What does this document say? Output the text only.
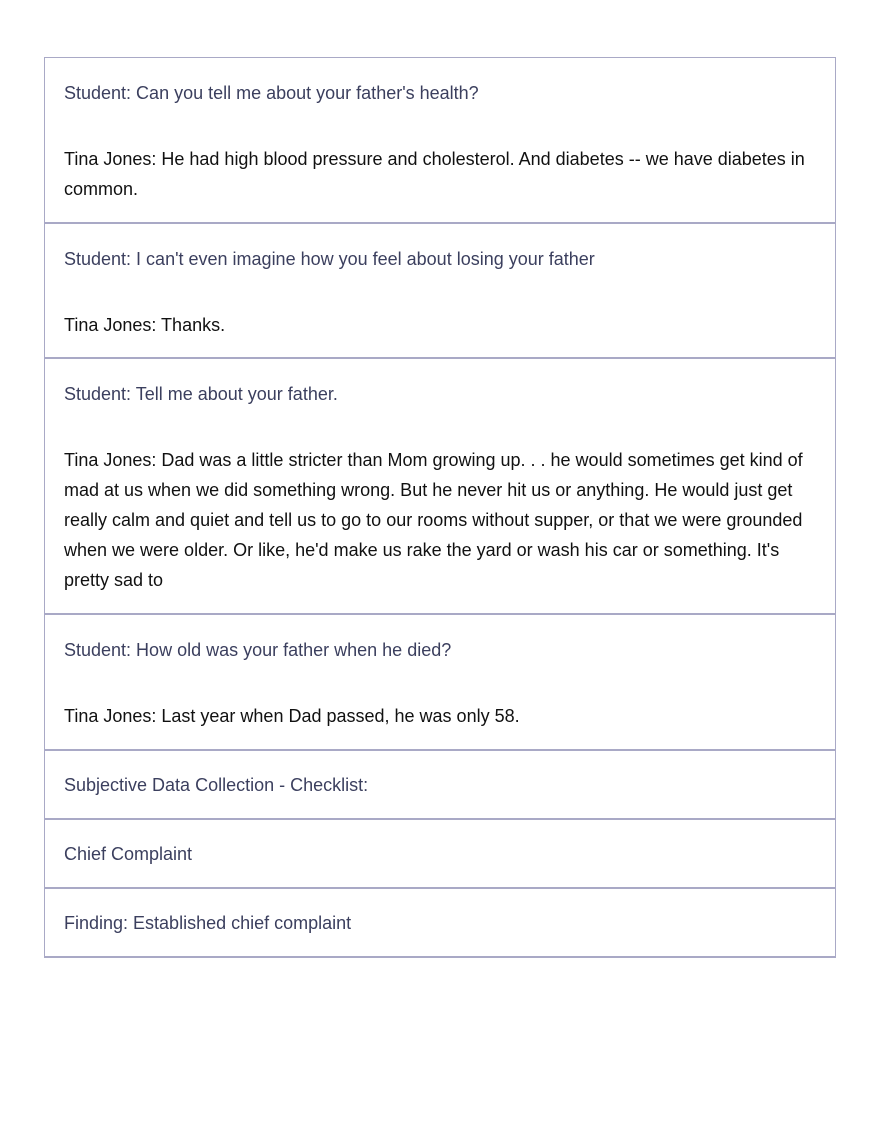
Student: Can you tell me about your father's health?
Tina Jones: He had high blood pressure and cholesterol. And diabetes -- we have diabetes in common.
Student: I can't even imagine how you feel about losing your father
Tina Jones: Thanks.
Student: Tell me about your father.
Tina Jones: Dad was a little stricter than Mom growing up. . . he would sometimes get kind of mad at us when we did something wrong. But he never hit us or anything. He would just get really calm and quiet and tell us to go to our rooms without supper, or that we were grounded when we were older. Or like, he'd make us rake the yard or wash his car or something. It's pretty sad to
Student: How old was your father when he died?
Tina Jones: Last year when Dad passed, he was only 58.
Subjective Data Collection - Checklist:
Chief Complaint
Finding: Established chief complaint
